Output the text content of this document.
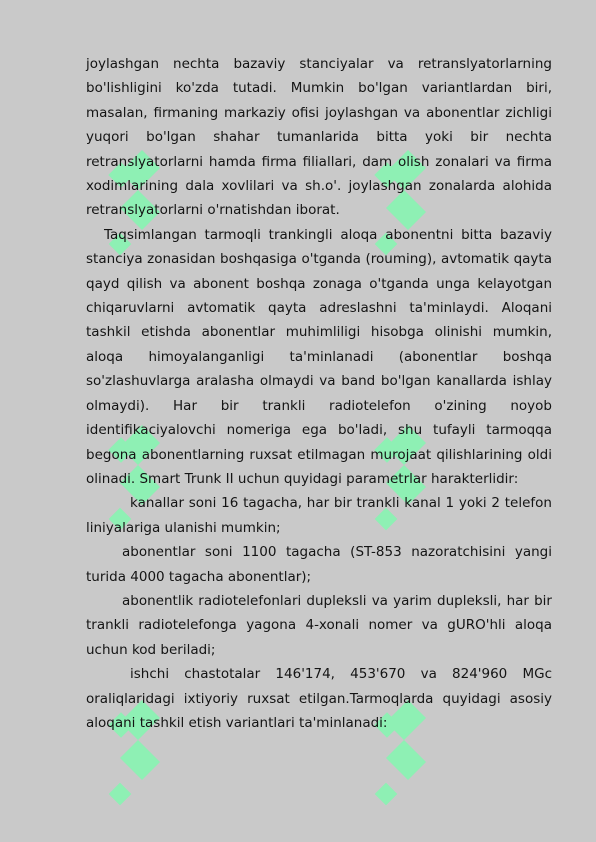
joylashgan nechta bazaviy stanciyalar va retranslyatorlarning bo'lishligini ko'zda tutadi. Mumkin bo'lgan variantlardan biri, masalan, firmaning markaziy ofisi joylashgan va abonentlar zichligi yuqori bo'lgan shahar tumanlarida bitta yoki bir nechta retranslyatorlarni hamda firma filiallari, dam olish zonalari va firma xodimlarining dala xovlilari va sh.o'. joylashgan zonalarda alohida retranslyatorlarni o'rnatishdan iborat.

Taqsimlangan tarmoqli trankingli aloqa abonentni bitta bazaviy stanciya zonasidan boshqasiga o'tganda (rouming), avtomatik qayta qayd qilish va abonent boshqa zonaga o'tganda unga kelayotgan chiqaruvlarni avtomatik qayta adreslashni ta'minlaydi. Aloqani tashkil etishda abonentlar muhimliligi hisobga olinishi mumkin, aloqa himoyalanganligi ta'minlanadi (abonentlar boshqa so'zlashuvlarga aralasha olmaydi va band bo'lgan kanallarda ishlay olmaydi). Har bir trankli radiotelefon o'zining noyob identifikaciyalovchi nomeriga ega bo'ladi, shu tufayli tarmoqqa begona abonentlarning ruxsat etilmagan murojaat qilishlarining oldi olinadi. Smart Trunk II uchun quyidagi parametrlar harakterlidir:

kanallar soni 16 tagacha, har bir trankli kanal 1 yoki 2 telefon liniyalariga ulanishi mumkin;

abonentlar soni 1100 tagacha (ST-853 nazoratchisini yangi turida 4000 tagacha abonentlar);

abonentlik radiotelefonlari dupleksli va yarim dupleksli, har bir trankli radiotelefonga yagona 4-xonali nomer va gURO'hli aloqa uchun kod beriladi;

ishchi chastotalar 146'174, 453'670 va 824'960 MGc oraliqlaridagi ixtiyoriy ruxsat etilgan.Tarmoqlarda quyidagi asosiy aloqani tashkil etish variantlari ta'minlanadi:
